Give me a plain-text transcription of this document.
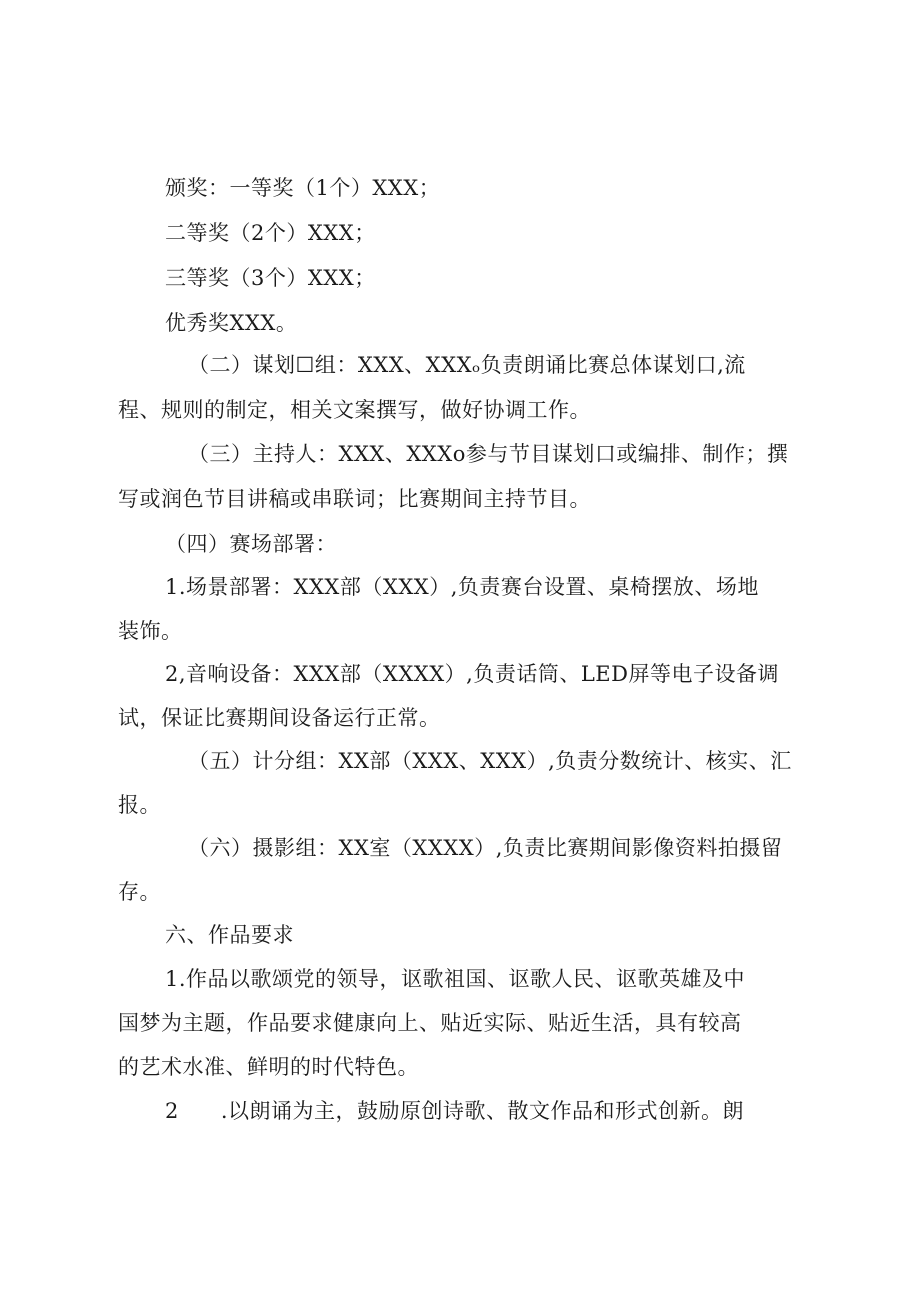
颁奖：一等奖（1个）XXX；
二等奖（2个）XXX；
三等奖（3个）XXX；
优秀奖XXX。
（二）谋划☐组：XXX、XXXₒ负责朗诵比赛总体谋划口,流
程、规则的制定，相关文案撰写，做好协调工作。
（三）主持人：XXX、XXXo参与节目谋划口或编排、制作；撰
写或润色节目讲稿或串联词；比赛期间主持节目。
（四）赛场部署：
1.场景部署：XXX部（XXX）,负责赛台设置、桌椅摆放、场地
装饰。
2,音响设备：XXX部（XXXX）,负责话筒、LED屏等电子设备调
试，保证比赛期间设备运行正常。
（五）计分组：XX部（XXX、XXX）,负责分数统计、核实、汇
报。
（六）摄影组：XX室（XXXX）,负责比赛期间影像资料拍摄留
存。
六、作品要求
1.作品以歌颂党的领导，讴歌祖国、讴歌人民、讴歌英雄及中
国梦为主题，作品要求健康向上、贴近实际、贴近生活，具有较高
的艺术水准、鲜明的时代特色。
2 .以朗诵为主，鼓励原创诗歌、散文作品和形式创新。朗
